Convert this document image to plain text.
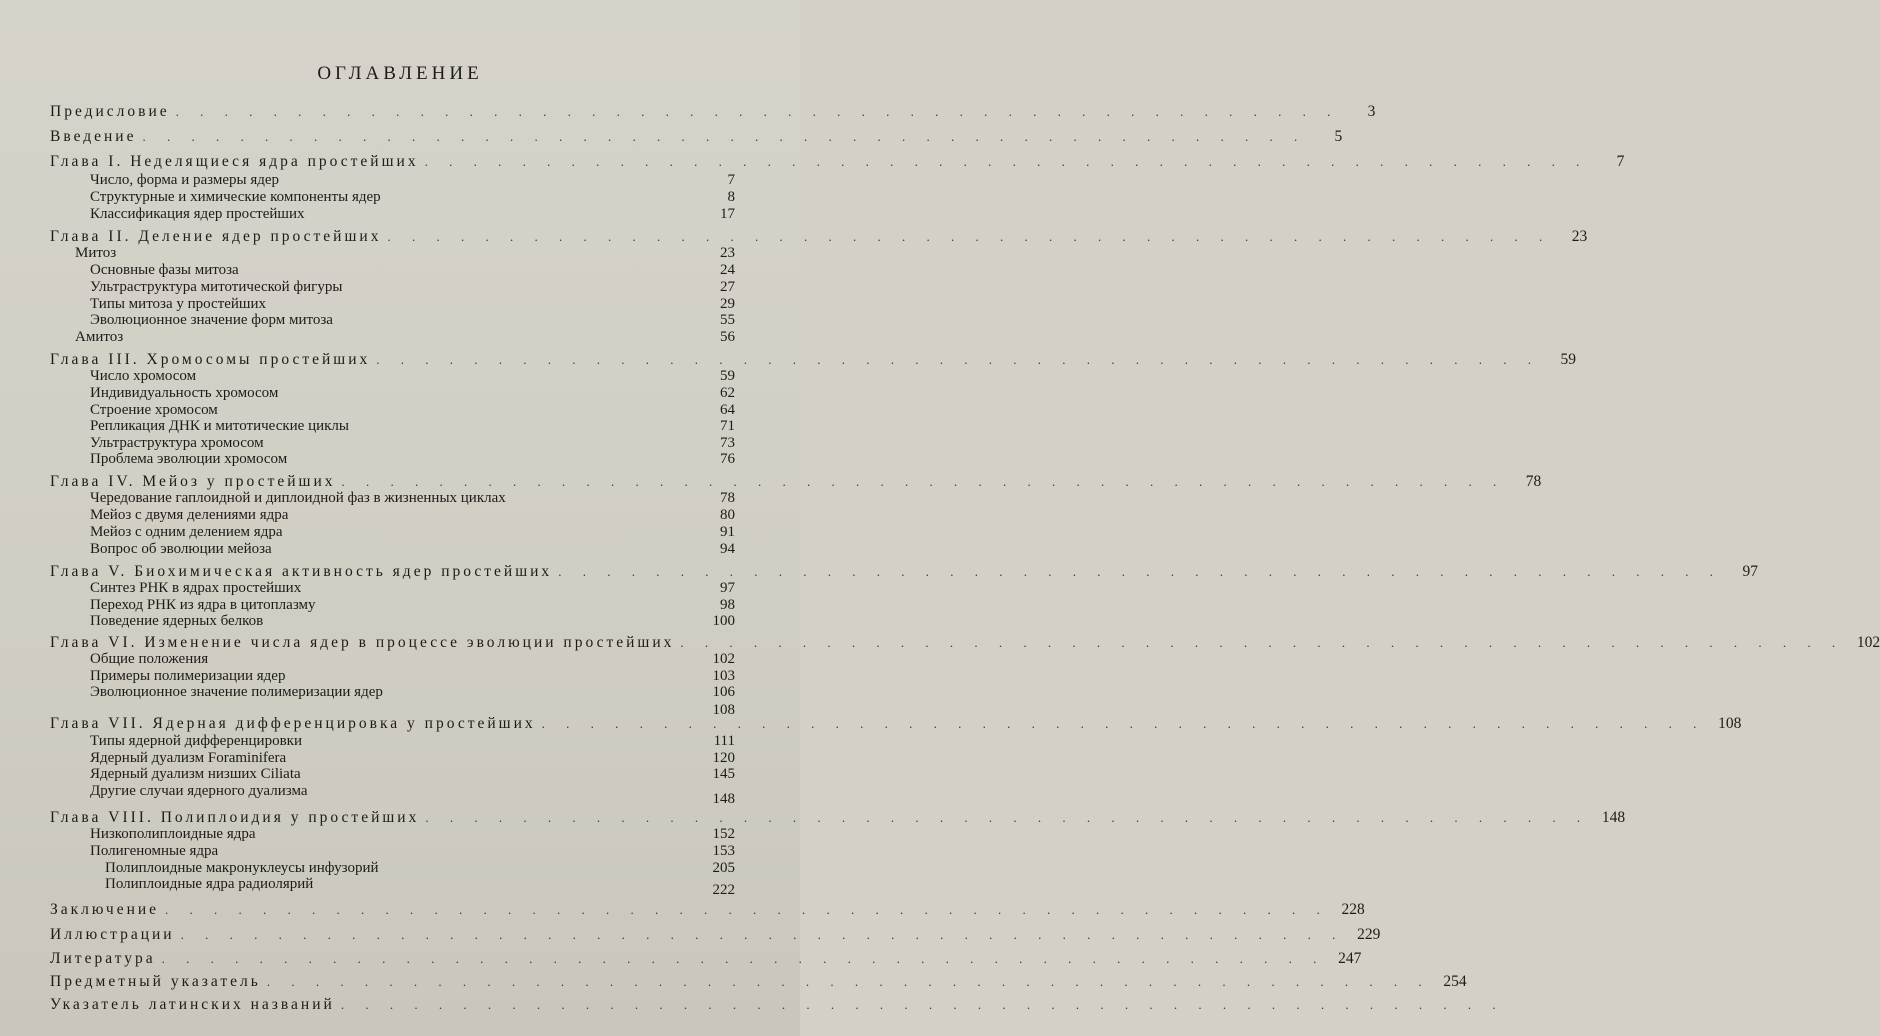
ОГЛАВЛЕНИЕ
Предисловие . . . . . . . . . . . . . . . . . . . . . . . . . . . . . . . . . . . . . . . . . . . . . . . .	3
Введение . . . . . . . . . . . . . . . . . . . . . . . . . . . . . . . . . . . . . . . . . . . . . . . .	5
Глава I. Неделящиеся ядра простейших . . . . . . . . . . . . . . . . . . . . . . . . . . . . . . . . . . . . . . . . . . . . . . . .	7
Число, форма и размеры ядер	7
Структурные и химические компоненты ядер	8
Классификация ядер простейших	17
Глава II. Деление ядер простейших . . . . . . . . . . . . . . . . . . . . . . . . . . . . . . . . . . . . . . . . . . . . . . . .	23
Митоз	23
Основные фазы митоза	24
Ультраструктура митотической фигуры	27
Типы митоза у простейших	29
Эволюционное значение форм митоза	55
Амитоз	56
Глава III. Хромосомы простейших . . . . . . . . . . . . . . . . . . . . . . . . . . . . . . . . . . . . . . . . . . . . . . . .	59
Число хромосом	59
Индивидуальность хромосом	62
Строение хромосом	64
Репликация ДНК и митотические циклы	71
Ультраструктура хромосом	73
Проблема эволюции хромосом	76
Глава IV. Мейоз у простейших . . . . . . . . . . . . . . . . . . . . . . . . . . . . . . . . . . . . . . . . . . . . . . . .	78
Чередование гаплоидной и диплоидной фаз в жизненных циклах	78
Мейоз с двумя делениями ядра	80
Мейоз с одним делением ядра	91
Вопрос об эволюции мейоза	94
Глава V. Биохимическая активность ядер простейших . . . . . . . . . . . . . . . . . . . . . . . . . . . . . . . . . . . . . . . . . . . . . . . .	97
Синтез РНК в ядрах простейших	97
Переход РНК из ядра в цитоплазму	98
Поведение ядерных белков	100
Глава VI. Изменение числа ядер в процессе эволюции простейших . . . . . . . . . . . . . . . . . . . . . . . . . . . . . . . . . . . . . . . . . . . . . . . . 102
Общие положения	102
Примеры полимеризации ядер	103
Эволюционное значение полимеризации ядер	106
108
Глава VII. Ядерная дифференцировка у простейших . . . . . . . . . . . . . . . . . . . . . . . . . . . . . . . . . . . . . . . . . . . . . . . . 108
Типы ядерной дифференцировки	111
Ядерный дуализм Foraminifera	120
Ядерный дуализм низших Ciliata	145
Другие случаи ядерного дуализма	148
Глава VIII. Полиплоидия у простейших . . . . . . . . . . . . . . . . . . . . . . . . . . . . . . . . . . . . . . . . . . . . . . . . 148
Низкополиплоидные ядра	152
Полигеномные ядра	153
Полиплоидные макронуклеусы инфузорий	205
Полиплоидные ядра радиолярий	222
Заключение . . . . . . . . . . . . . . . . . . . . . . . . . . . . . . . . . . . . . . . . . . . . . . . . 228
Иллюстрации . . . . . . . . . . . . . . . . . . . . . . . . . . . . . . . . . . . . . . . . . . . . . . . . 229
Литература . . . . . . . . . . . . . . . . . . . . . . . . . . . . . . . . . . . . . . . . . . . . . . . . 247
Предметный указатель . . . . . . . . . . . . . . . . . . . . . . . . . . . . . . . . . . . . . . . . . . . . . . . . 254
Указатель латинских названий . . . . . . . . . . . . . . . . . . . . . . . . . . . . . . . . . . . . . . . . . . . . . . . .
